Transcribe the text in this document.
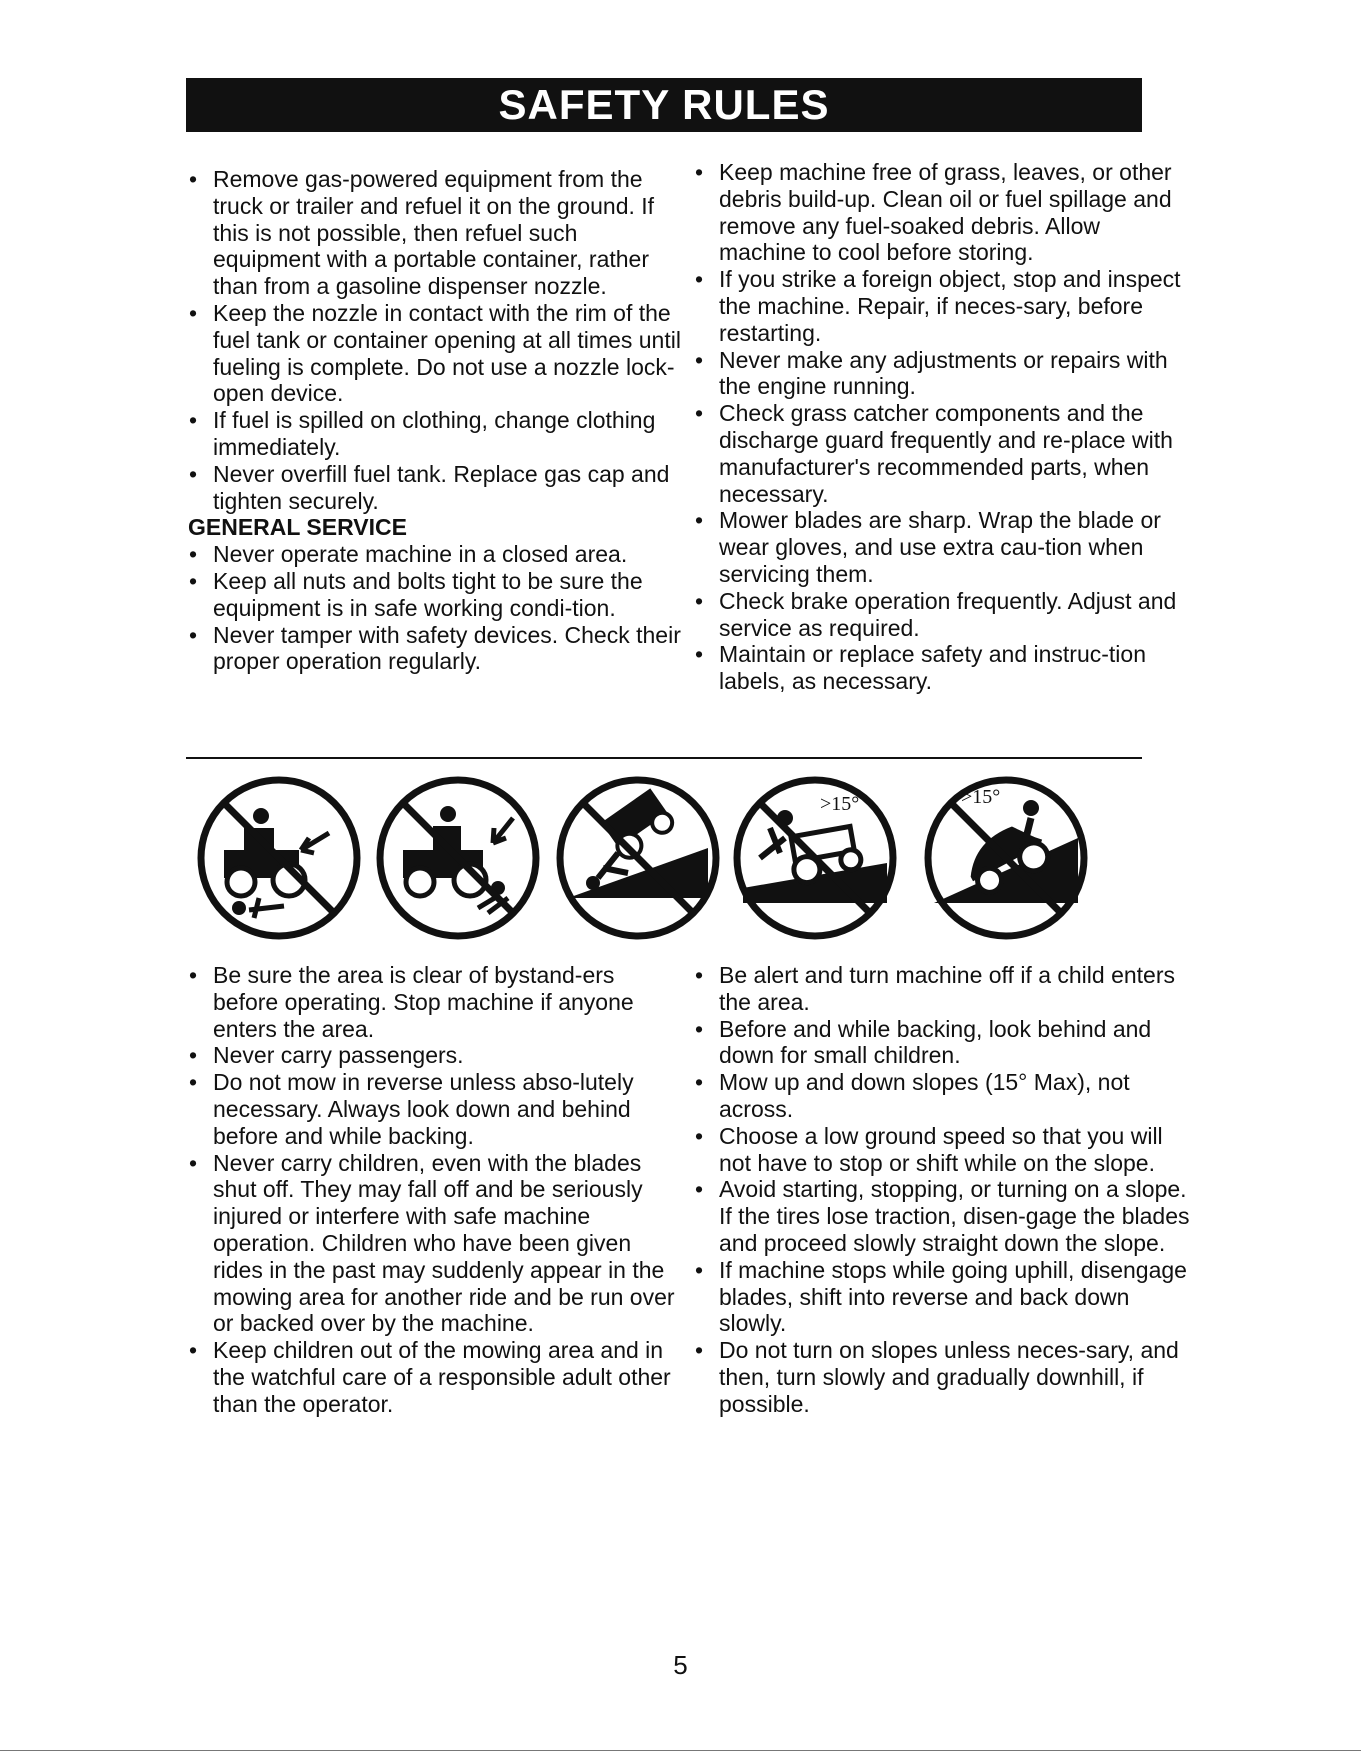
SAFETY RULES
• Remove gas-powered equipment from the truck or trailer and refuel it on the ground. If this is not possible, then refuel such equipment with a portable container, rather than from a gasoline dispenser nozzle.
• Keep the nozzle in contact with the rim of the fuel tank or container opening at all times until fueling is complete. Do not use a nozzle lock-open device.
• If fuel is spilled on clothing, change clothing immediately.
• Never overfill fuel tank. Replace gas cap and tighten securely.
GENERAL SERVICE
• Never operate machine in a closed area.
• Keep all nuts and bolts tight to be sure the equipment is in safe working condi-tion.
• Never tamper with safety devices. Check their proper operation regularly.
• Keep machine free of grass, leaves, or other debris build-up. Clean oil or fuel spillage and remove any fuel-soaked debris. Allow machine to cool before storing.
• If you strike a foreign object, stop and inspect the machine. Repair, if neces-sary, before restarting.
• Never make any adjustments or repairs with the engine running.
• Check grass catcher components and the discharge guard frequently and re-place with manufacturer's recommended parts, when necessary.
• Mower blades are sharp. Wrap the blade or wear gloves, and use extra cau-tion when servicing them.
• Check brake operation frequently. Adjust and service as required.
• Maintain or replace safety and instruc-tion labels, as necessary.
>15°	>15°
• Be sure the area is clear of bystand-ers before operating. Stop machine if anyone enters the area.
• Never carry passengers.
• Do not mow in reverse unless abso-lutely necessary. Always look down and behind before and while backing.
• Never carry children, even with the blades shut off. They may fall off and be seriously injured or interfere with safe machine operation. Children who have been given rides in the past may suddenly appear in the mowing area for another ride and be run over or backed over by the machine.
• Keep children out of the mowing area and in the watchful care of a responsible adult other than the operator.
• Be alert and turn machine off if a child enters the area.
• Before and while backing, look behind and down for small children.
• Mow up and down slopes (15° Max), not across.
• Choose a low ground speed so that you will not have to stop or shift while on the slope.
• Avoid starting, stopping, or turning on a slope. If the tires lose traction, disen-gage the blades and proceed slowly straight down the slope.
• If machine stops while going uphill, disengage blades, shift into reverse and back down slowly.
• Do not turn on slopes unless neces-sary, and then, turn slowly and gradually downhill, if possible.
5
